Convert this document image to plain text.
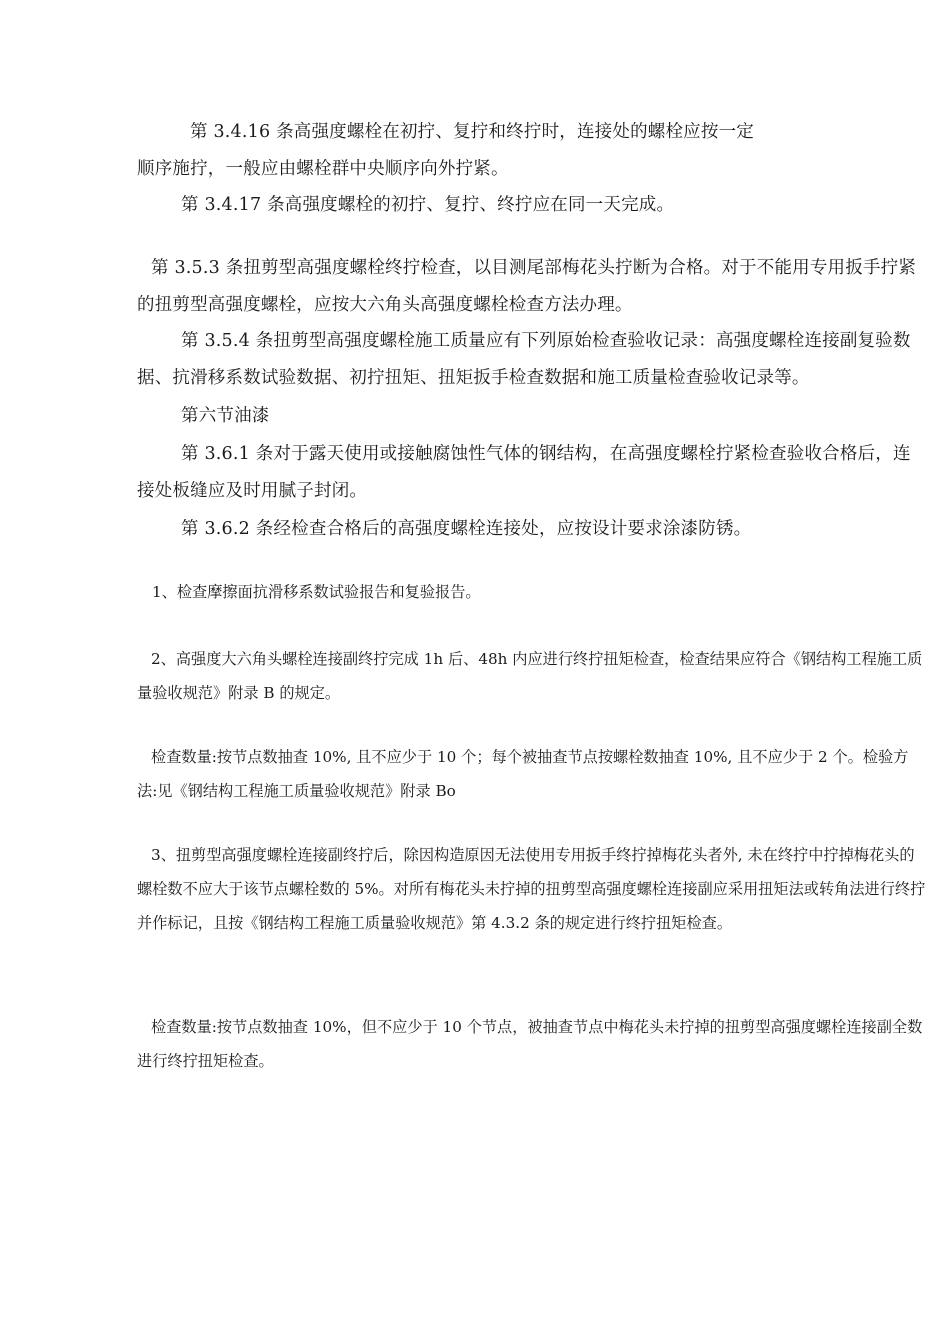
第 3.4.16 条高强度螺栓在初拧、复拧和终拧时，连接处的螺栓应按一定
顺序施拧，一般应由螺栓群中央顺序向外拧紧。

第 3.4.17 条高强度螺栓的初拧、复拧、终拧应在同一天完成。

第 3.5.3 条扭剪型高强度螺栓终拧检查，以目测尾部梅花头拧断为合格。对于不能用专用扳手拧紧的扭剪型高强度螺栓，应按大六角头高强度螺栓检查方法办理。

第 3.5.4 条扭剪型高强度螺栓施工质量应有下列原始检查验收记录：高强度螺栓连接副复验数据、抗滑移系数试验数据、初拧扭矩、扭矩扳手检查数据和施工质量检查验收记录等。

第六节油漆

第 3.6.1 条对于露天使用或接触腐蚀性气体的钢结构，在高强度螺栓拧紧检查验收合格后，连接处板缝应及时用腻子封闭。

第 3.6.2 条经检查合格后的高强度螺栓连接处，应按设计要求涂漆防锈。

1、检查摩擦面抗滑移系数试验报告和复验报告。

2、高强度大六角头螺栓连接副终拧完成 1h 后、48h 内应进行终拧扭矩检查，检查结果应符合《钢结构工程施工质量验收规范》附录 B 的规定。

检查数量:按节点数抽查 10%, 且不应少于 10 个；每个被抽查节点按螺栓数抽查 10%, 且不应少于 2 个。检验方法:见《钢结构工程施工质量验收规范》附录 Bo

3、扭剪型高强度螺栓连接副终拧后，除因构造原因无法使用专用扳手终拧掉梅花头者外, 未在终拧中拧掉梅花头的螺栓数不应大于该节点螺栓数的 5%。对所有梅花头未拧掉的扭剪型高强度螺栓连接副应采用扭矩法或转角法进行终拧并作标记，且按《钢结构工程施工质量验收规范》第 4.3.2 条的规定进行终拧扭矩检查。

检查数量:按节点数抽查 10%，但不应少于 10 个节点，被抽查节点中梅花头未拧掉的扭剪型高强度螺栓连接副全数进行终拧扭矩检查。
